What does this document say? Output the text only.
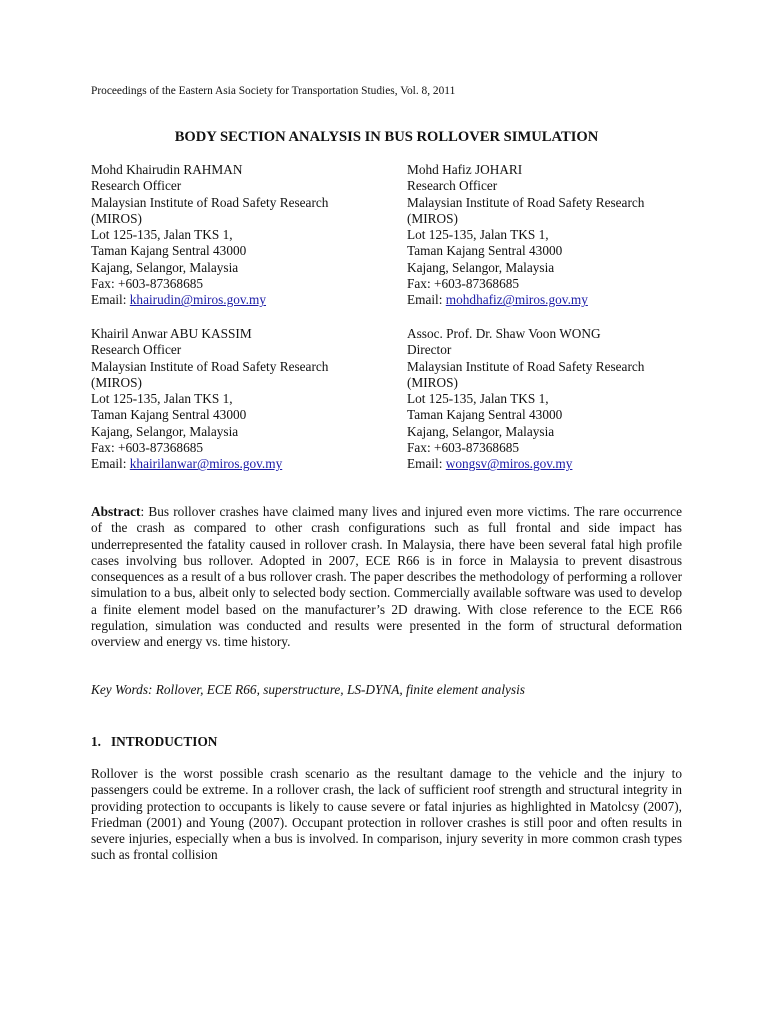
Proceedings of the Eastern Asia Society for Transportation Studies, Vol. 8, 2011
BODY SECTION ANALYSIS IN BUS ROLLOVER SIMULATION
Mohd Khairudin RAHMAN
Research Officer
Malaysian Institute of Road Safety Research
(MIROS)
Lot 125-135, Jalan TKS 1,
Taman Kajang Sentral 43000
Kajang, Selangor, Malaysia
Fax: +603-87368685
Email: khairudin@miros.gov.my
Mohd Hafiz JOHARI
Research Officer
Malaysian Institute of Road Safety Research
(MIROS)
Lot 125-135, Jalan TKS 1,
Taman Kajang Sentral 43000
Kajang, Selangor, Malaysia
Fax: +603-87368685
Email: mohdhafiz@miros.gov.my
Khairil Anwar ABU KASSIM
Research Officer
Malaysian Institute of Road Safety Research
(MIROS)
Lot 125-135, Jalan TKS 1,
Taman Kajang Sentral 43000
Kajang, Selangor, Malaysia
Fax: +603-87368685
Email: khairilanwar@miros.gov.my
Assoc. Prof. Dr. Shaw Voon WONG
Director
Malaysian Institute of Road Safety Research
(MIROS)
Lot 125-135, Jalan TKS 1,
Taman Kajang Sentral 43000
Kajang, Selangor, Malaysia
Fax: +603-87368685
Email: wongsv@miros.gov.my
Abstract: Bus rollover crashes have claimed many lives and injured even more victims. The rare occurrence of the crash as compared to other crash configurations such as full frontal and side impact has underrepresented the fatality caused in rollover crash. In Malaysia, there have been several fatal high profile cases involving bus rollover. Adopted in 2007, ECE R66 is in force in Malaysia to prevent disastrous consequences as a result of a bus rollover crash. The paper describes the methodology of performing a rollover simulation to a bus, albeit only to selected body section. Commercially available software was used to develop a finite element model based on the manufacturer’s 2D drawing. With close reference to the ECE R66 regulation, simulation was conducted and results were presented in the form of structural deformation overview and energy vs. time history.
Key Words: Rollover, ECE R66, superstructure, LS-DYNA, finite element analysis
1. INTRODUCTION
Rollover is the worst possible crash scenario as the resultant damage to the vehicle and the injury to passengers could be extreme. In a rollover crash, the lack of sufficient roof strength and structural integrity in providing protection to occupants is likely to cause severe or fatal injuries as highlighted in Matolcsy (2007), Friedman (2001) and Young (2007). Occupant protection in rollover crashes is still poor and often results in severe injuries, especially when a bus is involved. In comparison, injury severity in more common crash types such as frontal collision
